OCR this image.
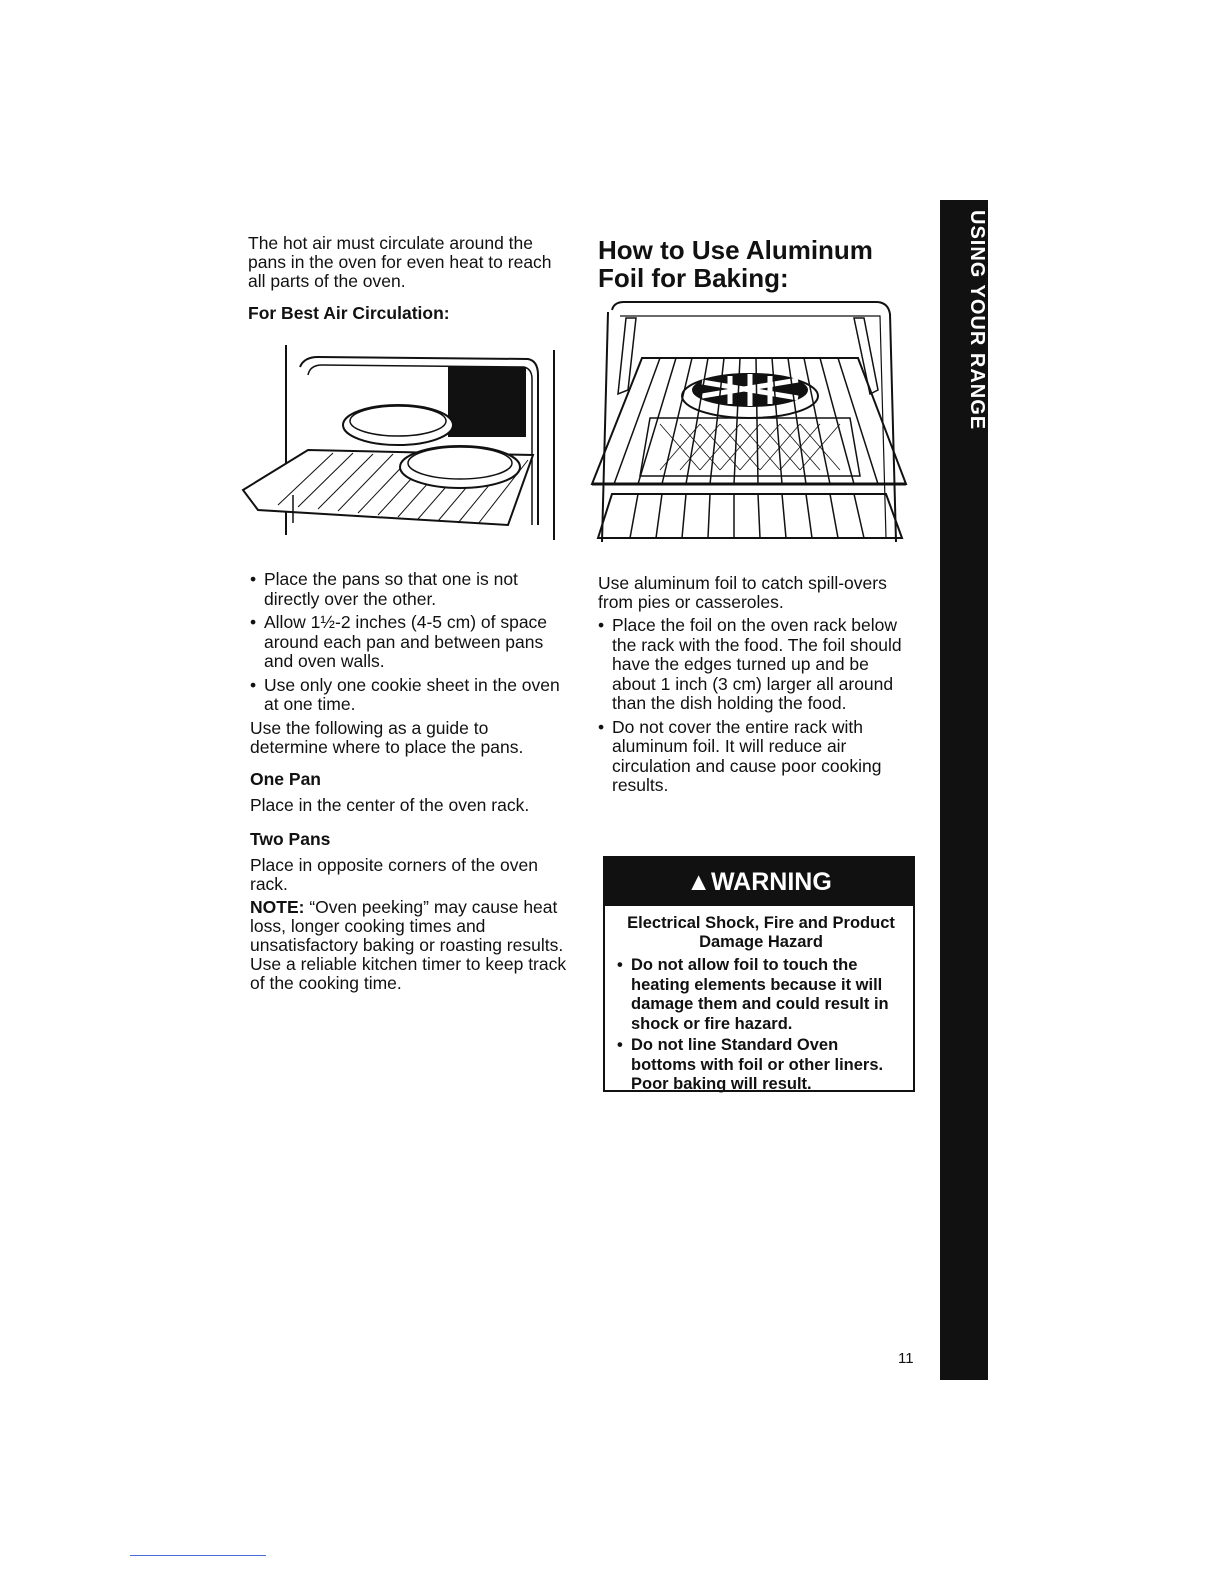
The hot air must circulate around the pans in the oven for even heat to reach all parts of the oven.

For Best Air Circulation:

• Place the pans so that one is not directly over the other.
• Allow 1½-2 inches (4-5 cm) of space around each pan and between pans and oven walls.
• Use only one cookie sheet in the oven at one time.

Use the following as a guide to determine where to place the pans.

One Pan

Place in the center of the oven rack.

Two Pans

Place in opposite corners of the oven rack.

NOTE: “Oven peeking” may cause heat loss, longer cooking times and unsatisfactory baking or roasting results. Use a reliable kitchen timer to keep track of the cooking time.

How to Use Aluminum Foil for Baking:

Use aluminum foil to catch spill-overs from pies or casseroles.

• Place the foil on the oven rack below the rack with the food. The foil should have the edges turned up and be about 1 inch (3 cm) larger all around than the dish holding the food.
• Do not cover the entire rack with aluminum foil. It will reduce air circulation and cause poor cooking results.
▲WARNING

Electrical Shock, Fire and Product Damage Hazard

• Do not allow foil to touch the heating elements because it will damage them and could result in shock or fire hazard.
• Do not line Standard Oven bottoms with foil or other liners. Poor baking will result.
USING YOUR RANGE
11
